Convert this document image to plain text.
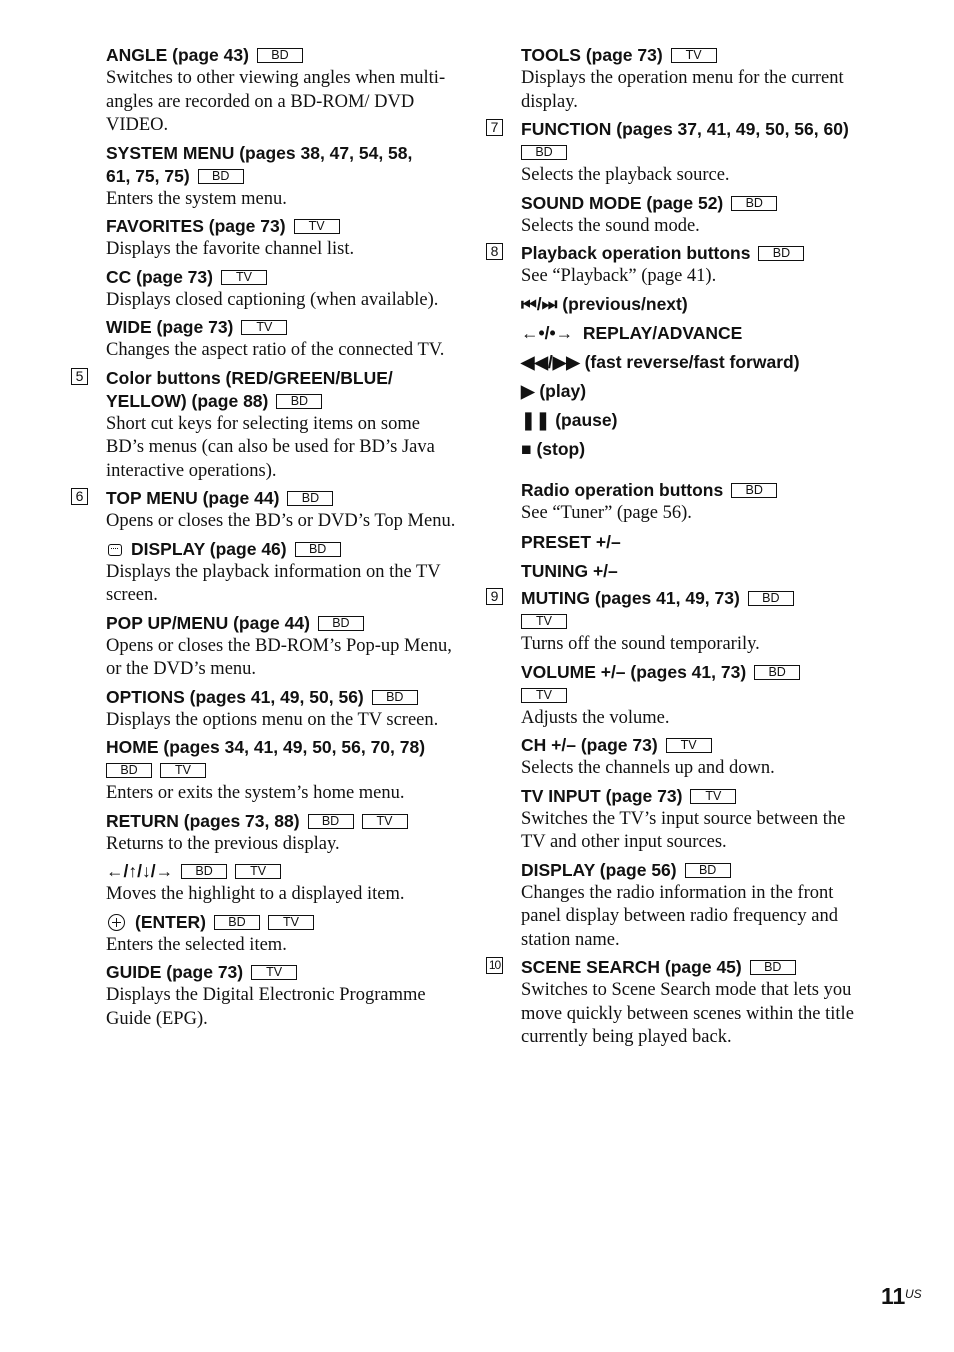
ANGLE (page 43) BD
Switches to other viewing angles when multi-angles are recorded on a BD-ROM/ DVD VIDEO.
SYSTEM MENU (pages 38, 47, 54, 58,
61, 75, 75) BD
Enters the system menu.
FAVORITES (page 73) TV
Displays the favorite channel list.
CC (page 73) TV
Displays closed captioning (when available).
WIDE (page 73) TV
Changes the aspect ratio of the connected TV.
5 Color buttons (RED/GREEN/BLUE/
YELLOW) (page 88) BD
Short cut keys for selecting items on some BD’s menus (can also be used for BD’s Java interactive operations).
6 TOP MENU (page 44) BD
Opens or closes the BD’s or DVD’s Top Menu.
DISPLAY (page 46) BD
Displays the playback information on the TV screen.
POP UP/MENU (page 44) BD
Opens or closes the BD-ROM’s Pop-up Menu, or the DVD’s menu.
OPTIONS (pages 41, 49, 50, 56) BD
Displays the options menu on the TV screen.
HOME (pages 34, 41, 49, 50, 56, 70, 78)
BD	TV
Enters or exits the system’s home menu.
RETURN (pages 73, 88) BD	TV
Returns to the previous display.
←/↑/↓/→ BD	TV
Moves the highlight to a displayed item.
(ENTER) BD	TV
Enters the selected item.
GUIDE (page 73) TV
Displays the Digital Electronic Programme Guide (EPG).
TOOLS (page 73) TV
Displays the operation menu for the current display.
7 FUNCTION (pages 37, 41, 49, 50, 56, 60)
BD
Selects the playback source.
SOUND MODE (page 52) BD
Selects the sound mode.
8 Playback operation buttons BD
See “Playback” (page 41).
⏮/⏭ (previous/next)
←•/•→ REPLAY/ADVANCE
◀◀/▶▶ (fast reverse/fast forward)
▶ (play)
❚❚ (pause)
■ (stop)
Radio operation buttons BD
See “Tuner” (page 56).
PRESET +/–
TUNING +/–
9 MUTING (pages 41, 49, 73) BD
TV
Turns off the sound temporarily.
VOLUME +/– (pages 41, 73) BD
TV
Adjusts the volume.
CH +/– (page 73) TV
Selects the channels up and down.
TV INPUT (page 73) TV
Switches the TV’s input source between the TV and other input sources.
DISPLAY (page 56) BD
Changes the radio information in the front panel display between radio frequency and station name.
10 SCENE SEARCH (page 45) BD
Switches to Scene Search mode that lets you move quickly between scenes within the title currently being played back.
11 US
